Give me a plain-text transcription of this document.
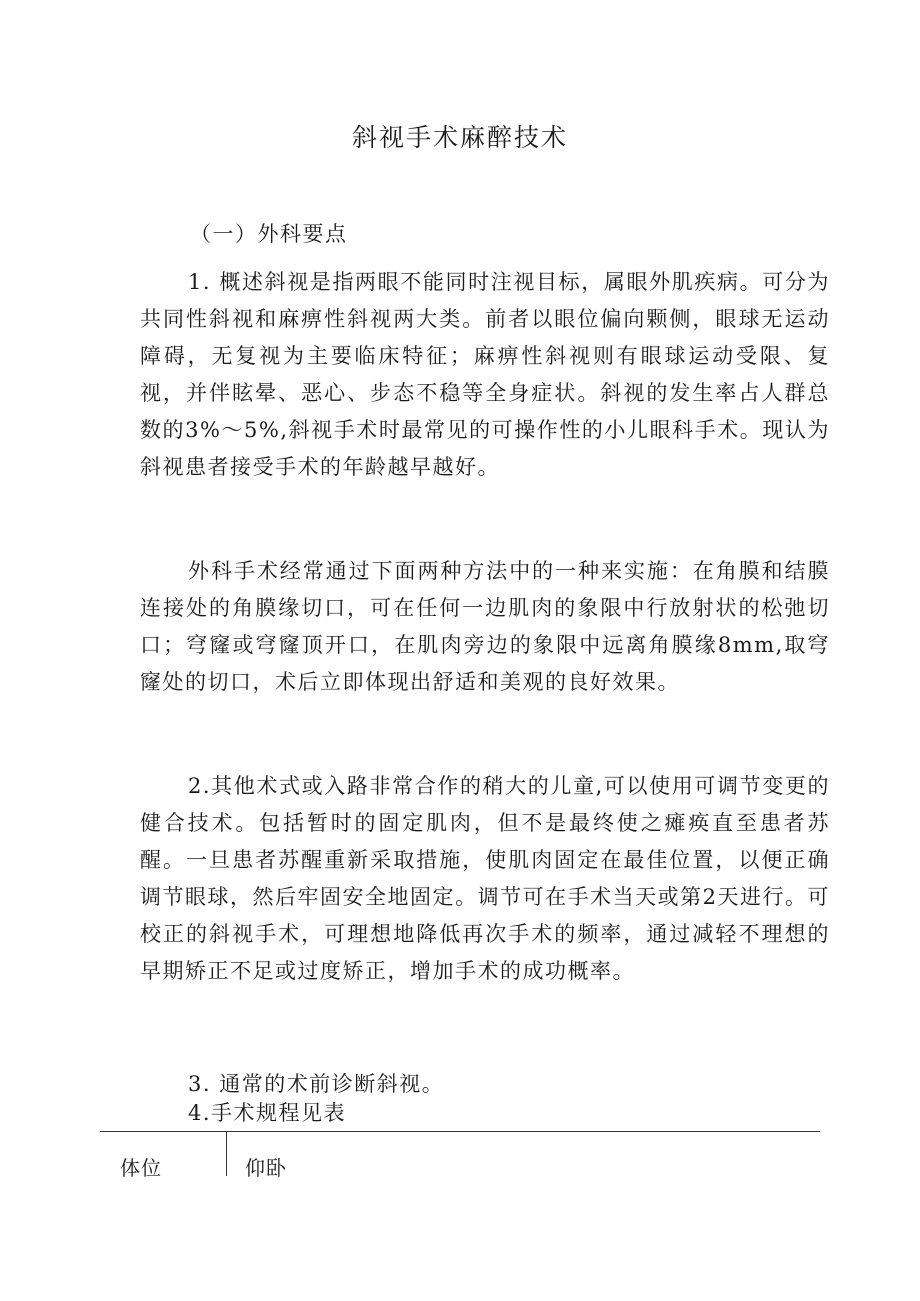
斜视手术麻醉技术
（一）外科要点
1. 概述斜视是指两眼不能同时注视目标，属眼外肌疾病。可分为共同性斜视和麻痹性斜视两大类。前者以眼位偏向颗侧，眼球无运动障碍，无复视为主要临床特征；麻痹性斜视则有眼球运动受限、复视，并伴眩晕、恶心、步态不稳等全身症状。斜视的发生率占人群总数的3%～5%,斜视手术时最常见的可操作性的小儿眼科手术。现认为斜视患者接受手术的年龄越早越好。
外科手术经常通过下面两种方法中的一种来实施：在角膜和结膜连接处的角膜缘切口，可在任何一边肌肉的象限中行放射状的松弛切口；穹窿或穹窿顶开口，在肌肉旁边的象限中远离角膜缘8mm,取穹窿处的切口，术后立即体现出舒适和美观的良好效果。
2.其他术式或入路非常合作的稍大的儿童,可以使用可调节变更的健合技术。包括暂时的固定肌肉，但不是最终使之瘫痪直至患者苏醒。一旦患者苏醒重新采取措施，使肌肉固定在最佳位置，以便正确调节眼球，然后牢固安全地固定。调节可在手术当天或第2天进行。可校正的斜视手术，可理想地降低再次手术的频率，通过减轻不理想的早期矫正不足或过度矫正，增加手术的成功概率。
3. 通常的术前诊断斜视。
4.手术规程见表
体位	仰卧
